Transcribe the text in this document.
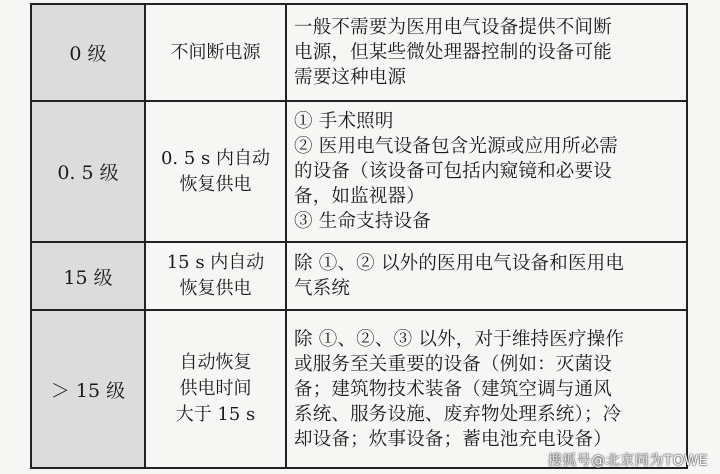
0 级	不间断电源	一般不需要为医用电气设备提供不间断
电源，但某些微处理器控制的设备可能
需要这种电源

0. 5 级	0. 5 s 内自动
恢复供电	① 手术照明
② 医用电气设备包含光源或应用所必需
的设备（该设备可包括内窥镜和必要设
备，如监视器）
③ 生命支持设备

15 级	15 s 内自动
恢复供电	除 ①、② 以外的医用电气设备和医用电
气系统

＞ 15 级	自动恢复
供电时间
大于 15 s	除 ①、②、③ 以外，对于维持医疗操作
或服务至关重要的设备（例如：灭菌设
备；建筑物技术装备（建筑空调与通风
系统、服务设施、废弃物处理系统）；冷
却设备；炊事设备；蓄电池充电设备）
搜狐号@北京同为TOWE
